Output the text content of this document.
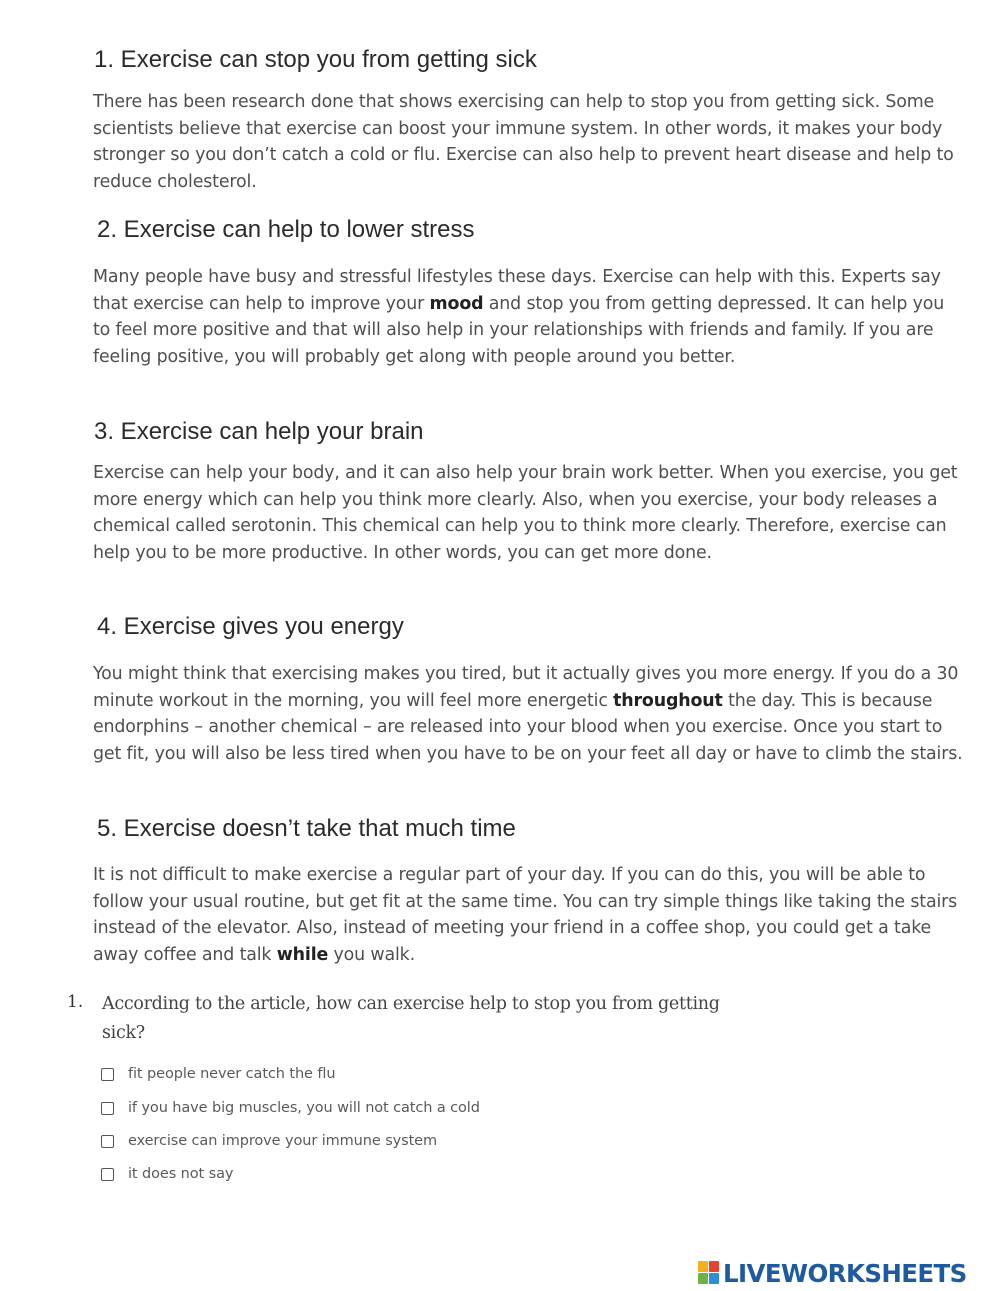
1. Exercise can stop you from getting sick

There has been research done that shows exercising can help to stop you from getting sick. Some scientists believe that exercise can boost your immune system. In other words, it makes your body stronger so you don’t catch a cold or flu. Exercise can also help to prevent heart disease and help to reduce cholesterol.

2. Exercise can help to lower stress

Many people have busy and stressful lifestyles these days. Exercise can help with this. Experts say that exercise can help to improve your mood and stop you from getting depressed. It can help you to feel more positive and that will also help in your relationships with friends and family. If you are feeling positive, you will probably get along with people around you better.

3. Exercise can help your brain

Exercise can help your body, and it can also help your brain work better. When you exercise, you get more energy which can help you think more clearly. Also, when you exercise, your body releases a chemical called serotonin. This chemical can help you to think more clearly. Therefore, exercise can help you to be more productive. In other words, you can get more done.

4. Exercise gives you energy

You might think that exercising makes you tired, but it actually gives you more energy. If you do a 30 minute workout in the morning, you will feel more energetic throughout the day. This is because endorphins – another chemical – are released into your blood when you exercise. Once you start to get fit, you will also be less tired when you have to be on your feet all day or have to climb the stairs.

5. Exercise doesn’t take that much time

It is not difficult to make exercise a regular part of your day. If you can do this, you will be able to follow your usual routine, but get fit at the same time. You can try simple things like taking the stairs instead of the elevator. Also, instead of meeting your friend in a coffee shop, you could get a take away coffee and talk while you walk.

1. According to the article, how can exercise help to stop you from getting sick?

fit people never catch the flu
if you have big muscles, you will not catch a cold
exercise can improve your immune system
it does not say
LIVEWORKSHEETS
